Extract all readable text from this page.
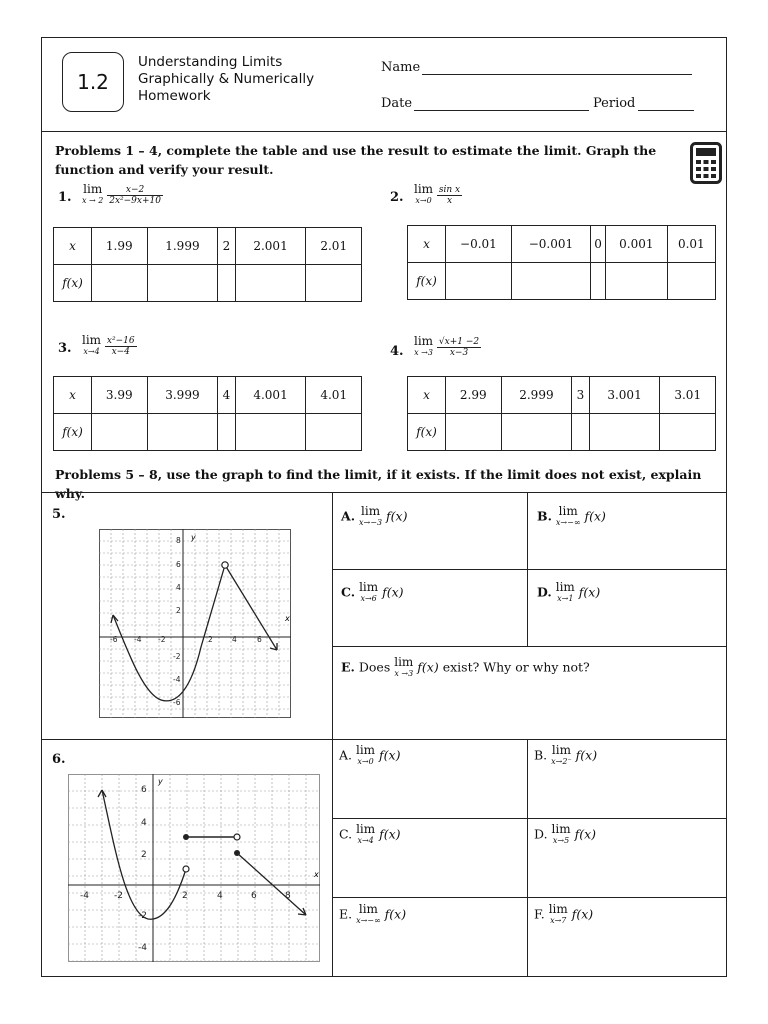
1.2
Understanding Limits
Graphically & Numerically
Homework
Name
Date	Period
Problems 1 – 4, complete the table and use the result to estimate the limit. Graph the function and verify your result.
1.
lim
x → 2
$\frac{x-2}{\text{2x²−9x+10}}$
x	1.99	1.999	2	2.001	2.01
f(x)					
2.
lim
x→0
$\frac{\text{sin x}}{x}$
x	−0.01	−0.001	0	0.001	0.01
f(x)					
3.
lim
x→4
$\frac{\text{x²−16}}{x-4}$
x	3.99	3.999	4	4.001	4.01
f(x)					
4.
lim
x →3
$\frac{√x+1 -2}{x-3}$
x	2.99	2.999	3	3.001	3.01
f(x)					
Problems 5 – 8, use the graph to find the limit, if it exists. If the limit does not exist, explain why.
5.
x
y
-6 -4 -2	2	4	6
8
6
4
2
-2
-4
-6
A. lim
x→−3 f(x)	B. lim
x→−∞ f(x)
C. lim
x→6 f(x)	D. lim
x→1 f(x)
E. Does lim
x →3 f(x) exist? Why or why not?
6.
x
y
-4	-2	2	4	6	8
6
4
2
-2
-4
A. lim
x→0 f(x)	B. lim
x→2⁻ f(x)
C. lim
x→4 f(x)	D. lim
x→5 f(x)
E. lim
x→−∞ f(x)	F. lim
x→7 f(x)
